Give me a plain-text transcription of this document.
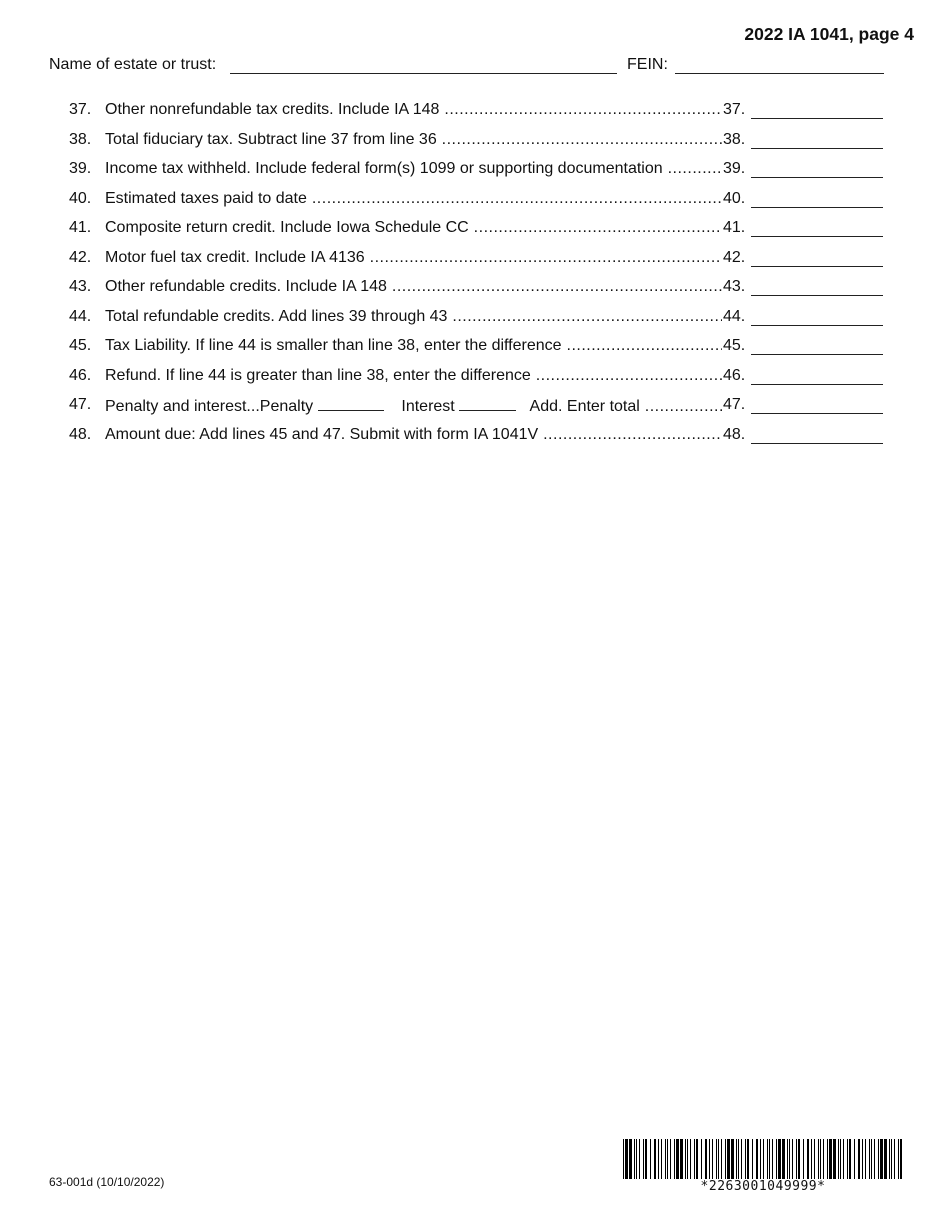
2022 IA 1041, page 4
Name of estate or trust:	FEIN:
37. Other nonrefundable tax credits. Include IA 148 .....	37.
38. Total fiduciary tax. Subtract line 37 from line 36 .....	38.
39. Income tax withheld. Include federal form(s) 1099 or supporting documentation .....	39.
40. Estimated taxes paid to date .....	40.
41. Composite return credit. Include Iowa Schedule CC .....	41.
42. Motor fuel tax credit. Include IA 4136 .....	42.
43. Other refundable credits. Include IA 148 .....	43.
44. Total refundable credits. Add lines 39 through 43 .....	44.
45. Tax Liability. If line 44 is smaller than line 38, enter the difference .....	45.
46. Refund. If line 44 is greater than line 38, enter the difference .....	46.
47. Penalty and interest...Penalty	Interest	Add. Enter total .....	47.
48. Amount due: Add lines 45 and 47. Submit with form IA 1041V .....	48.
63-001d (10/10/2022)	*2263001049999*
